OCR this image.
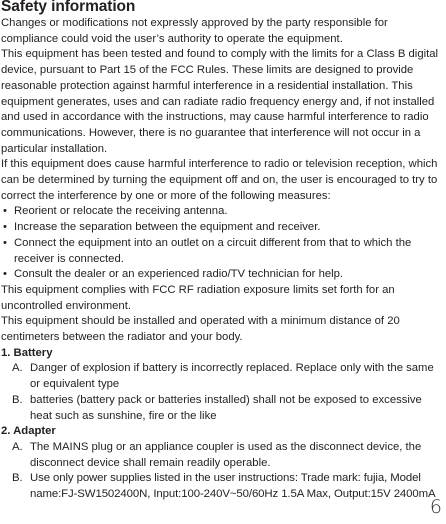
Safety information

Changes or modifications not expressly approved by the party responsible for compliance could void the user’s authority to operate the equipment.

This equipment has been tested and found to comply with the limits for a Class B digital device, pursuant to Part 15 of the FCC Rules. These limits are designed to provide reasonable protection against harmful interference in a residential installation. This equipment generates, uses and can radiate radio frequency energy and, if not installed and used in accordance with the instructions, may cause harmful interference to radio communications. However, there is no guarantee that interference will not occur in a particular installation.

If this equipment does cause harmful interference to radio or television reception, which can be determined by turning the equipment off and on, the user is encouraged to try to correct the interference by one or more of the following measures:

• Reorient or relocate the receiving antenna.
• Increase the separation between the equipment and receiver.
• Connect the equipment into an outlet on a circuit different from that to which the receiver is connected.
• Consult the dealer or an experienced radio/TV technician for help.

This equipment complies with FCC RF radiation exposure limits set forth for an uncontrolled environment.

This equipment should be installed and operated with a minimum distance of 20 centimeters between the radiator and your body.

1. Battery

A. Danger of explosion if battery is incorrectly replaced. Replace only with the same or equivalent type
B. batteries (battery pack or batteries installed) shall not be exposed to excessive heat such as sunshine, fire or the like

2. Adapter

A. The MAINS plug or an appliance coupler is used as the disconnect device, the disconnect device shall remain readily operable.
B. Use only power supplies listed in the user instructions: Trade mark: fujia, Model name:FJ-SW1502400N, Input:100-240V~50/60Hz 1.5A Max, Output:15V 2400mA
6
